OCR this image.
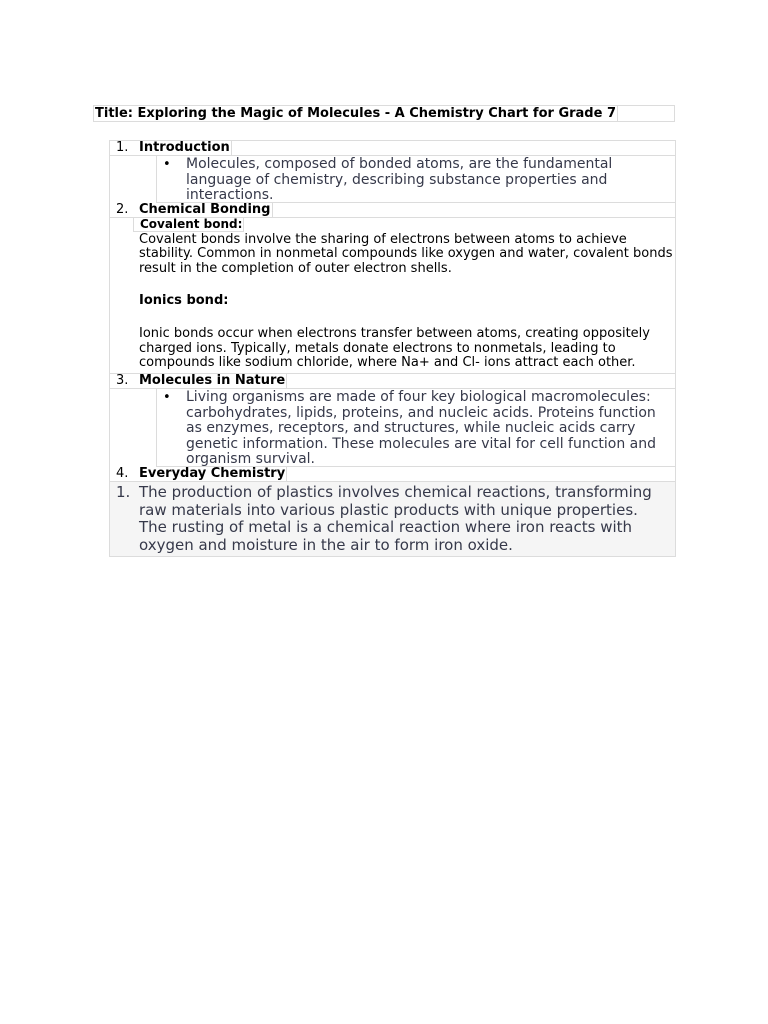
Title: Exploring the Magic of Molecules - A Chemistry Chart for Grade 7
1. Introduction
• Molecules, composed of bonded atoms, are the fundamental language of chemistry, describing substance properties and interactions.
2. Chemical Bonding
Covalent bond:

Covalent bonds involve the sharing of electrons between atoms to achieve stability. Common in nonmetal compounds like oxygen and water, covalent bonds result in the completion of outer electron shells.

Ionics bond:

Ionic bonds occur when electrons transfer between atoms, creating oppositely charged ions. Typically, metals donate electrons to nonmetals, leading to compounds like sodium chloride, where Na+ and Cl- ions attract each other.

3. Molecules in Nature
• Living organisms are made of four key biological macromolecules: carbohydrates, lipids, proteins, and nucleic acids. Proteins function as enzymes, receptors, and structures, while nucleic acids carry genetic information. These molecules are vital for cell function and organism survival.
4. Everyday Chemistry
1. The production of plastics involves chemical reactions, transforming raw materials into various plastic products with unique properties. The rusting of metal is a chemical reaction where iron reacts with oxygen and moisture in the air to form iron oxide.
